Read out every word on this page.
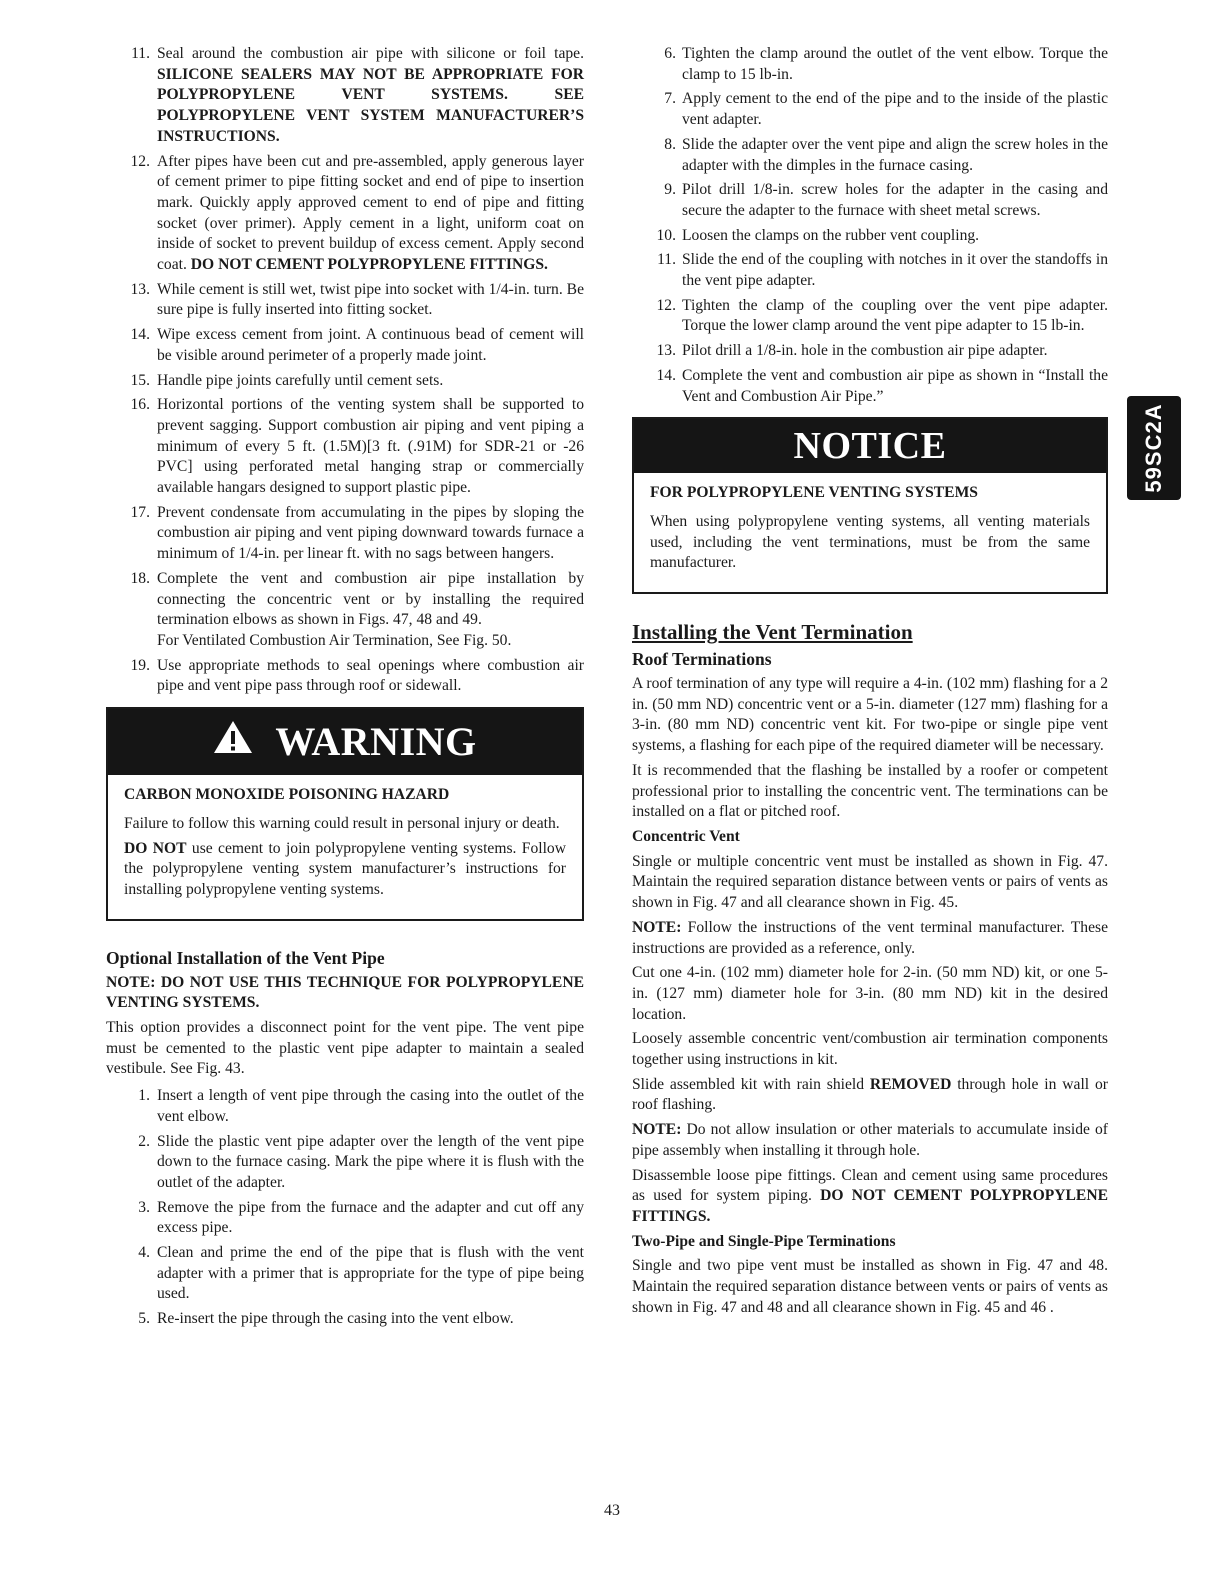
11. Seal around the combustion air pipe with silicone or foil tape. SILICONE SEALERS MAY NOT BE APPROPRIATE FOR POLYPROPYLENE VENT SYSTEMS. SEE POLYPROPYLENE VENT SYSTEM MANUFACTURER’S INSTRUCTIONS.
12. After pipes have been cut and pre-assembled, apply generous layer of cement primer to pipe fitting socket and end of pipe to insertion mark. Quickly apply approved cement to end of pipe and fitting socket (over primer). Apply cement in a light, uniform coat on inside of socket to prevent buildup of excess cement. Apply second coat. DO NOT CEMENT POLYPROPYLENE FITTINGS.
13. While cement is still wet, twist pipe into socket with 1/4-in. turn. Be sure pipe is fully inserted into fitting socket.
14. Wipe excess cement from joint. A continuous bead of cement will be visible around perimeter of a properly made joint.
15. Handle pipe joints carefully until cement sets.
16. Horizontal portions of the venting system shall be supported to prevent sagging. Support combustion air piping and vent piping a minimum of every 5 ft. (1.5M)[3 ft. (.91M) for SDR-21 or -26 PVC] using perforated metal hanging strap or commercially available hangars designed to support plastic pipe.
17. Prevent condensate from accumulating in the pipes by sloping the combustion air piping and vent piping downward towards furnace a minimum of 1/4-in. per linear ft. with no sags between hangers.
18. Complete the vent and combustion air pipe installation by connecting the concentric vent or by installing the required termination elbows as shown in Figs. 47, 48 and 49.
For Ventilated Combustion Air Termination, See Fig. 50.
19. Use appropriate methods to seal openings where combustion air pipe and vent pipe pass through roof or sidewall.
WARNING

CARBON MONOXIDE POISONING HAZARD

Failure to follow this warning could result in personal injury or death.

DO NOT use cement to join polypropylene venting systems. Follow the polypropylene venting system manufacturer’s instructions for installing polypropylene venting systems.

Optional Installation of the Vent Pipe

NOTE: DO NOT USE THIS TECHNIQUE FOR POLYPROPYLENE VENTING SYSTEMS.

This option provides a disconnect point for the vent pipe. The vent pipe must be cemented to the plastic vent pipe adapter to maintain a sealed vestibule. See Fig. 43.

1. Insert a length of vent pipe through the casing into the outlet of the vent elbow.
2. Slide the plastic vent pipe adapter over the length of the vent pipe down to the furnace casing. Mark the pipe where it is flush with the outlet of the adapter.
3. Remove the pipe from the furnace and the adapter and cut off any excess pipe.
4. Clean and prime the end of the pipe that is flush with the vent adapter with a primer that is appropriate for the type of pipe being used.
5. Re-insert the pipe through the casing into the vent elbow.
6. Tighten the clamp around the outlet of the vent elbow. Torque the clamp to 15 lb-in.
7. Apply cement to the end of the pipe and to the inside of the plastic vent adapter.
8. Slide the adapter over the vent pipe and align the screw holes in the adapter with the dimples in the furnace casing.
9. Pilot drill 1/8-in. screw holes for the adapter in the casing and secure the adapter to the furnace with sheet metal screws.
10. Loosen the clamps on the rubber vent coupling.
11. Slide the end of the coupling with notches in it over the standoffs in the vent pipe adapter.
12. Tighten the clamp of the coupling over the vent pipe adapter. Torque the lower clamp around the vent pipe adapter to 15 lb-in.
13. Pilot drill a 1/8-in. hole in the combustion air pipe adapter.
14. Complete the vent and combustion air pipe as shown in “Install the Vent and Combustion Air Pipe.”
NOTICE

FOR POLYPROPYLENE VENTING SYSTEMS

When using polypropylene venting systems, all venting materials used, including the vent terminations, must be from the same manufacturer.

Installing the Vent Termination
Roof Terminations

A roof termination of any type will require a 4-in. (102 mm) flashing for a 2 in. (50 mm ND) concentric vent or a 5-in. diameter (127 mm) flashing for a 3-in. (80 mm ND) concentric vent kit. For two-pipe or single pipe vent systems, a flashing for each pipe of the required diameter will be necessary.

It is recommended that the flashing be installed by a roofer or competent professional prior to installing the concentric vent. The terminations can be installed on a flat or pitched roof.

Concentric Vent

Single or multiple concentric vent must be installed as shown in Fig. 47. Maintain the required separation distance between vents or pairs of vents as shown in Fig. 47 and all clearance shown in Fig. 45.

NOTE: Follow the instructions of the vent terminal manufacturer. These instructions are provided as a reference, only.

Cut one 4-in. (102 mm) diameter hole for 2-in. (50 mm ND) kit, or one 5-in. (127 mm) diameter hole for 3-in. (80 mm ND) kit in the desired location.

Loosely assemble concentric vent/combustion air termination components together using instructions in kit.

Slide assembled kit with rain shield REMOVED through hole in wall or roof flashing.

NOTE: Do not allow insulation or other materials to accumulate inside of pipe assembly when installing it through hole.

Disassemble loose pipe fittings. Clean and cement using same procedures as used for system piping. DO NOT CEMENT POLYPROPYLENE FITTINGS.

Two-Pipe and Single-Pipe Terminations

Single and two pipe vent must be installed as shown in Fig. 47 and 48. Maintain the required separation distance between vents or pairs of vents as shown in Fig. 47 and 48 and all clearance shown in Fig. 45 and 46 .

59SC2A
43
